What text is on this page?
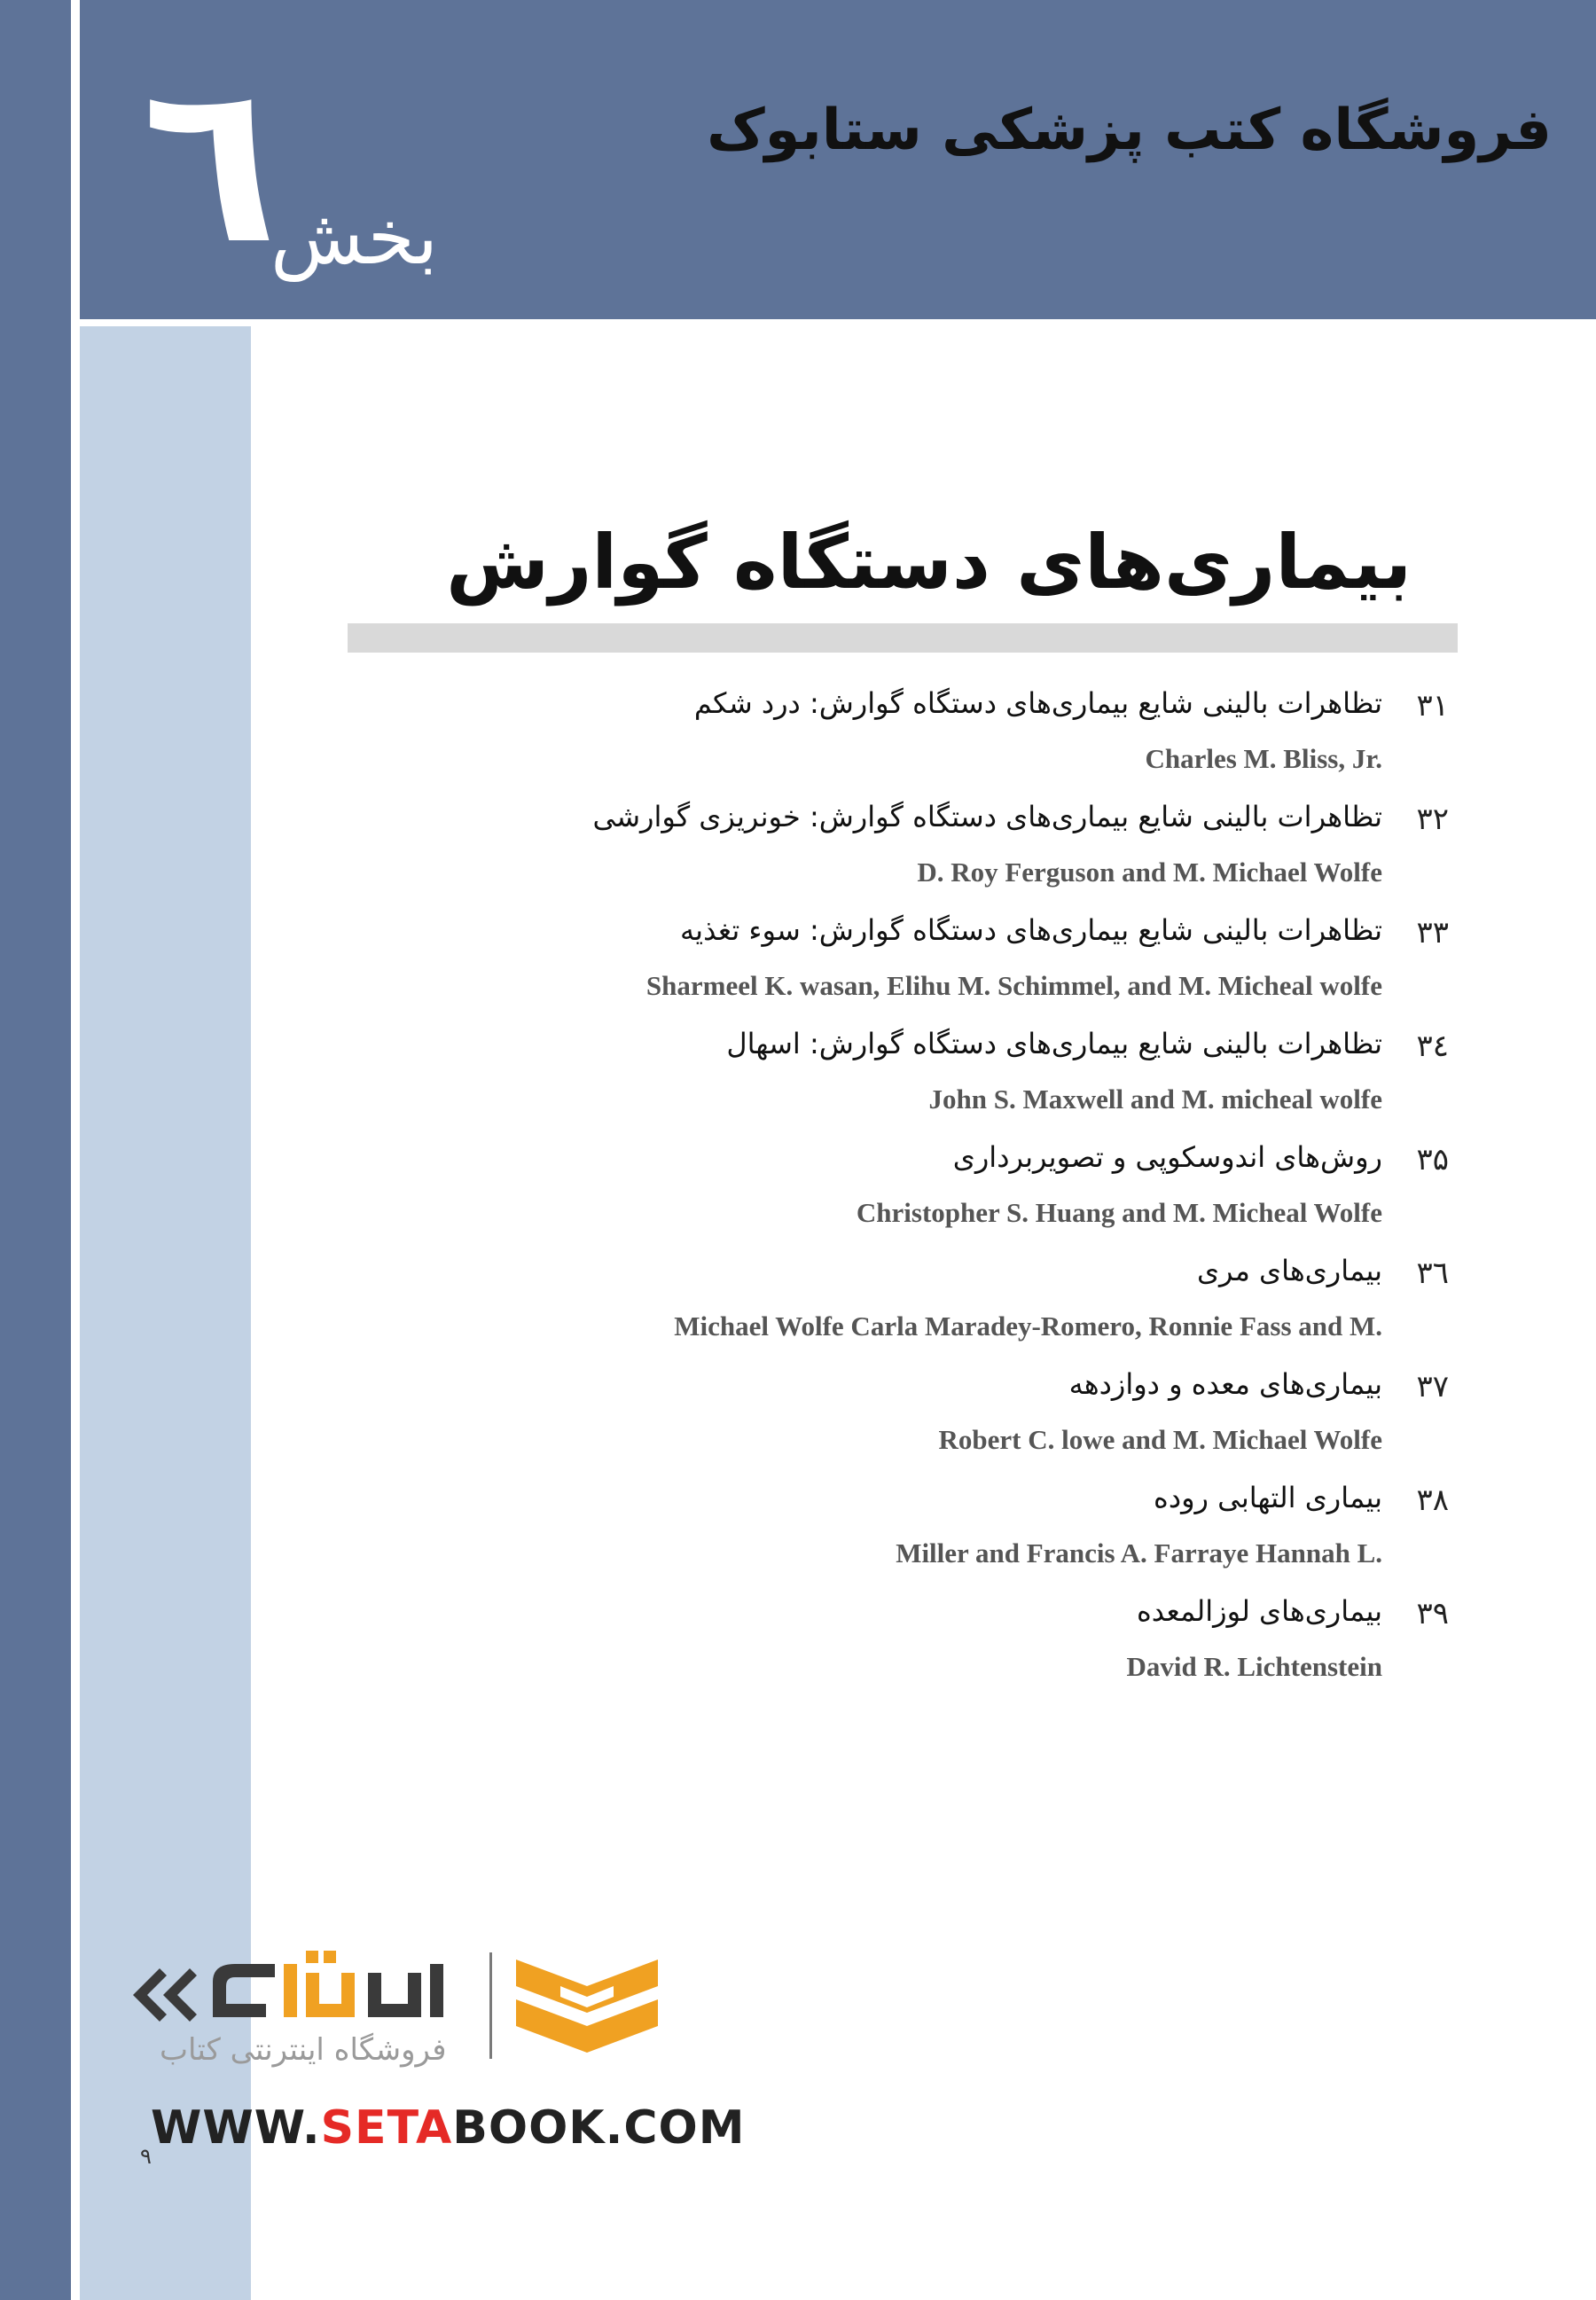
فروشگاه کتب پزشکی ستابوک
٦
بخش
بیماری‌های دستگاه گوارش
۳۱
تظاهرات بالینی شایع بیماری‌های دستگاه گوارش: درد شکم
Charles M. Bliss, Jr.
۳۲
تظاهرات بالینی شایع بیماری‌های دستگاه گوارش: خونریزی گوارشی
D. Roy Ferguson and M. Michael Wolfe
۳۳
تظاهرات بالینی شایع بیماری‌های دستگاه گوارش: سوء تغذیه
Sharmeel K. wasan, Elihu M. Schimmel, and M. Micheal wolfe
۳٤
تظاهرات بالینی شایع بیماری‌های دستگاه گوارش: اسهال
John S. Maxwell and M. micheal wolfe
۳۵
روش‌های اندوسکوپی و تصویربرداری
Christopher S. Huang and M. Micheal Wolfe
۳٦
بیماری‌های مری
Michael Wolfe Carla Maradey-Romero, Ronnie Fass and M.
۳۷
بیماری‌های معده و دوازدهه
Robert C. lowe and M. Michael Wolfe
۳۸
بیماری التهابی روده
Miller and Francis A. Farraye Hannah L.
۳۹
بیماری‌های لوزالمعده
David R. Lichtenstein
فروشگاه اینترنتی کتاب
WWW.SETABOOK.COM
۹
